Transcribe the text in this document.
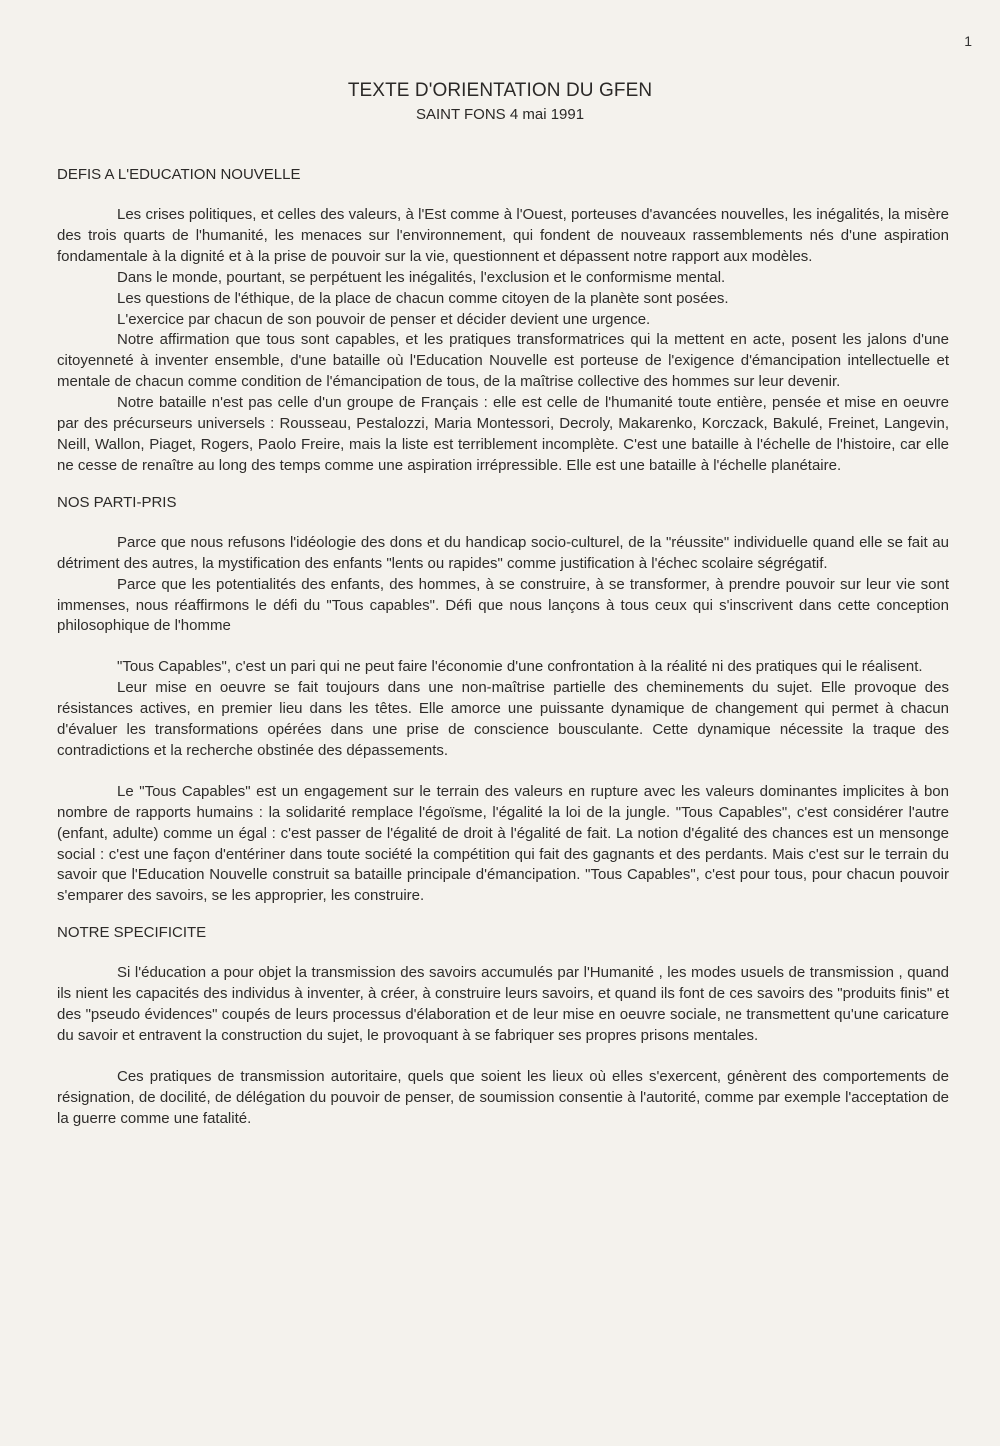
1
TEXTE D'ORIENTATION DU GFEN
SAINT FONS 4 mai 1991
DEFIS A L'EDUCATION NOUVELLE

Les crises politiques, et celles des valeurs, à l'Est comme à l'Ouest, porteuses d'avancées nouvelles, les inégalités, la misère des trois quarts de l'humanité, les menaces sur l'environnement, qui fondent de nouveaux rassemblements nés d'une aspiration fondamentale à la dignité et à la prise de pouvoir sur la vie, questionnent et dépassent notre rapport aux modèles.

Dans le monde, pourtant, se perpétuent les inégalités, l'exclusion et le conformisme mental.

Les questions de l'éthique, de la place de chacun comme citoyen de la planète sont posées.

L'exercice par chacun de son pouvoir de penser et décider devient une urgence.

Notre affirmation que tous sont capables, et les pratiques transformatrices qui la mettent en acte, posent les jalons d'une citoyenneté à inventer ensemble, d'une bataille où l'Education Nouvelle est porteuse de l'exigence d'émancipation intellectuelle et mentale de chacun comme condition de l'émancipation de tous, de la maîtrise collective des hommes sur leur devenir.

Notre bataille n'est pas celle d'un groupe de Français : elle est celle de l'humanité toute entière, pensée et mise en oeuvre par des précurseurs universels : Rousseau, Pestalozzi, Maria Montessori, Decroly, Makarenko, Korczack, Bakulé, Freinet, Langevin, Neill, Wallon, Piaget, Rogers, Paolo Freire, mais la liste est terriblement incomplète. C'est une bataille à l'échelle de l'histoire, car elle ne cesse de renaître au long des temps comme une aspiration irrépressible. Elle est une bataille à l'échelle planétaire.

NOS PARTI-PRIS

Parce que nous refusons l'idéologie des dons et du handicap socio-culturel, de la "réussite" individuelle quand elle se fait au détriment des autres, la mystification des enfants "lents ou rapides" comme justification à l'échec scolaire ségrégatif.

Parce que les potentialités des enfants, des hommes, à se construire, à se transformer, à prendre pouvoir sur leur vie sont immenses, nous réaffirmons le défi du "Tous capables". Défi que nous lançons à tous ceux qui s'inscrivent dans cette conception philosophique de l'homme

"Tous Capables", c'est un pari qui ne peut faire l'économie d'une confrontation à la réalité ni des pratiques qui le réalisent.

Leur mise en oeuvre se fait toujours dans une non-maîtrise partielle des cheminements du sujet. Elle provoque des résistances actives, en premier lieu dans les têtes. Elle amorce une puissante dynamique de changement qui permet à chacun d'évaluer les transformations opérées dans une prise de conscience bousculante. Cette dynamique nécessite la traque des contradictions et la recherche obstinée des dépassements.

Le "Tous Capables" est un engagement sur le terrain des valeurs en rupture avec les valeurs dominantes implicites à bon nombre de rapports humains : la solidarité remplace l'égoïsme, l'égalité la loi de la jungle. "Tous Capables", c'est considérer l'autre (enfant, adulte) comme un égal : c'est passer de l'égalité de droit à l'égalité de fait. La notion d'égalité des chances est un mensonge social : c'est une façon d'entériner dans toute société la compétition qui fait des gagnants et des perdants. Mais c'est sur le terrain du savoir que l'Education Nouvelle construit sa bataille principale d'émancipation. "Tous Capables", c'est pour tous, pour chacun pouvoir s'emparer des savoirs, se les approprier, les construire.

NOTRE SPECIFICITE

Si l'éducation a pour objet la transmission des savoirs accumulés par l'Humanité , les modes usuels de transmission , quand ils nient les capacités des individus à inventer, à créer, à construire leurs savoirs, et quand ils font de ces savoirs des "produits finis" et des "pseudo évidences" coupés de leurs processus d'élaboration et de leur mise en oeuvre sociale, ne transmettent qu'une caricature du savoir et entravent la construction du sujet, le provoquant à se fabriquer ses propres prisons mentales.

Ces pratiques de transmission autoritaire, quels que soient les lieux où elles s'exercent, génèrent des comportements de résignation, de docilité, de délégation du pouvoir de penser, de soumission consentie à l'autorité, comme par exemple l'acceptation de la guerre comme une fatalité.
